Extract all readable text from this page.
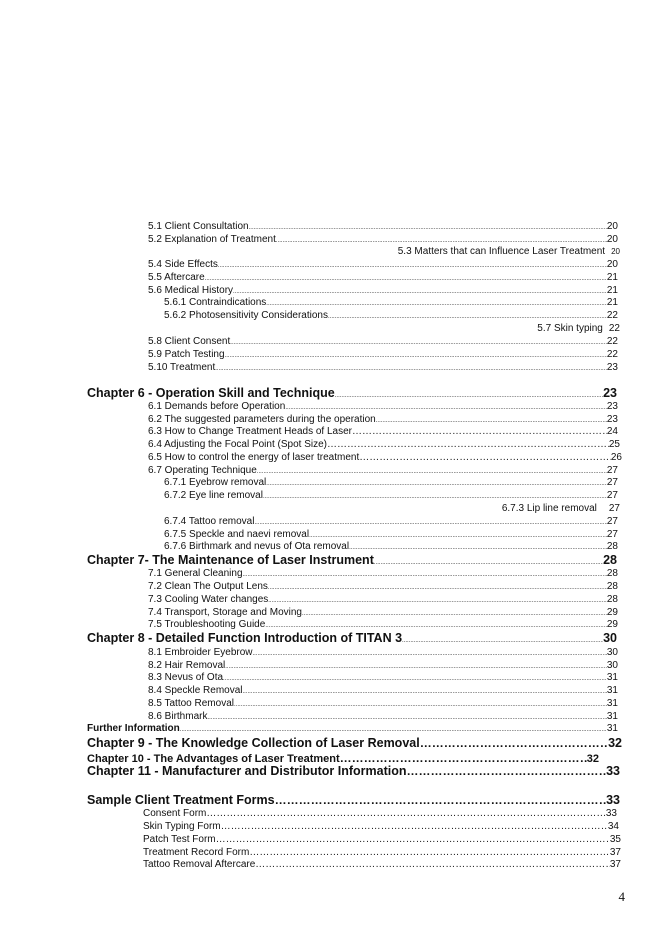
5.1 Client Consultation .....	20
5.2 Explanation of Treatment .....	20
5.3 Matters that can Influence Laser Treatment 20
5.4 Side Effects .....	20
5.5 Aftercare .....	21
5.6 Medical History .....	21
5.6.1 Contraindications .....	21
5.6.2 Photosensitivity Considerations .....	22
5.7 Skin typing 22
5.8 Client Consent .....	22
5.9 Patch Testing .....	22
5.10 Treatment .....	23
Chapter 6 - Operation Skill and Technique .....	23
6.1 Demands before Operation .....	23
6.2 The suggested parameters during the operation .....	23
6.3 How to Change Treatment Heads of Laser ……………………………………………………………………………………………………………………………………………………………………………………………………………………………………………………………………………	24
6.4 Adjusting the Focal Point (Spot Size) ……………………………………………………………………………………………………………………………………………………………………………………………………………………………………………………………………………	25
6.5 How to control the energy of laser treatment ……………………………………………………………………………………………………………………………………………………………………………………………………………………………………………………………………………	26
6.7 Operating Technique .....	27
6.7.1 Eyebrow removal .....	27
6.7.2 Eye line removal .....	27
6.7.3 Lip line removal 27
6.7.4 Tattoo removal .....	27
6.7.5 Speckle and naevi removal .....	27
6.7.6 Birthmark and nevus of Ota removal .....	28
Chapter 7- The Maintenance of Laser Instrument .....	28
7.1 General Cleaning .....	28
7.2 Clean The Output Lens .....	28
7.3 Cooling Water changes .....	28
7.4 Transport, Storage and Moving .....	29
7.5 Troubleshooting Guide .....	29
Chapter 8 - Detailed Function Introduction of TITAN 3 .....	30
8.1 Embroider Eyebrow .....	30
8.2 Hair Removal .....	30
8.3 Nevus of Ota .....	31
8.4 Speckle Removal .....	31
8.5 Tattoo Removal .....	31
8.6 Birthmark .....	31
Further Information .....	31
Chapter 9 - The Knowledge Collection of Laser Removal ……………………………………………………………………………………………………………………………………………………………………………………………………………………………………………………………………………	32
Chapter 10 - The Advantages of Laser Treatment ……………………………………………………………………………………………………………………………………………………………………………………………………………………………………………………………………………	32
Chapter 11 - Manufacturer and Distributor Information ……………………………………………………………………………………………………………………………………………………………………………………………………………………………………………………………………………	33
Sample Client Treatment Forms ……………………………………………………………………………………………………………………………………………………………………………………………………………………………………………………………………………	33
Consent Form ……………………………………………………………………………………………………………………………………………………………………………………………………………………………………………………………………………	33
Skin Typing Form ……………………………………………………………………………………………………………………………………………………………………………………………………………………………………………………………………………	34
Patch Test Form ……………………………………………………………………………………………………………………………………………………………………………………………………………………………………………………………………………	35
Treatment Record Form ……………………………………………………………………………………………………………………………………………………………………………………………………………………………………………………………………………	37
Tattoo Removal Aftercare ……………………………………………………………………………………………………………………………………………………………………………………………………………………………………………………………………………	37
4
